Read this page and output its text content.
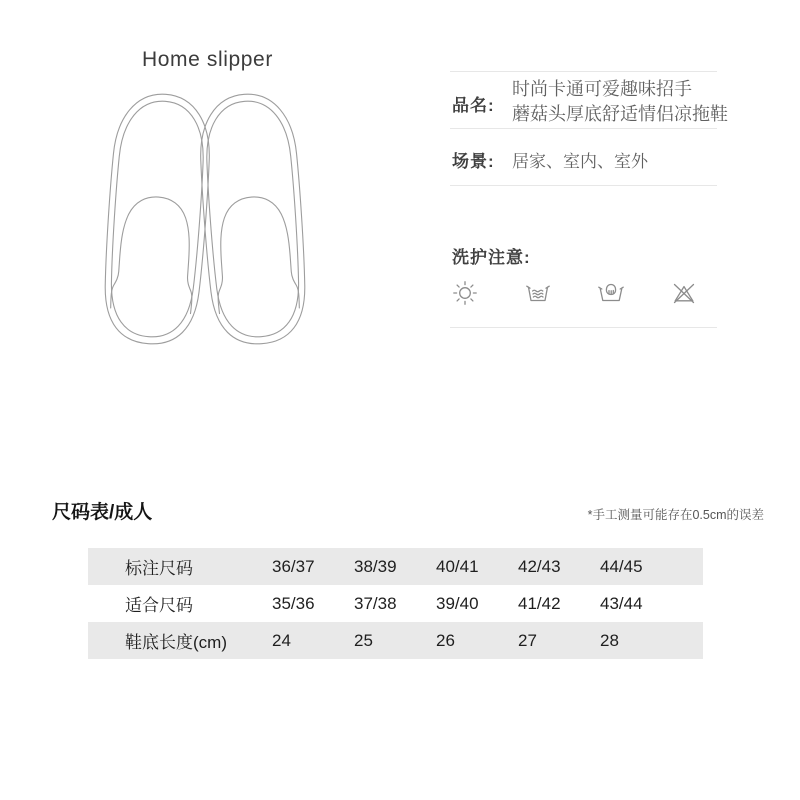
Home slipper
品名:
时尚卡通可爱趣味招手
蘑菇头厚底舒适情侣凉拖鞋
场景: 居家、室内、室外
洗护注意:
尺码表/成人	*手工测量可能存在0.5cm的误差
标注尺码	36/37	38/39	40/41	42/43	44/45
适合尺码	35/36	37/38	39/40	41/42	43/44
鞋底长度(cm)	24	25	26	27	28
